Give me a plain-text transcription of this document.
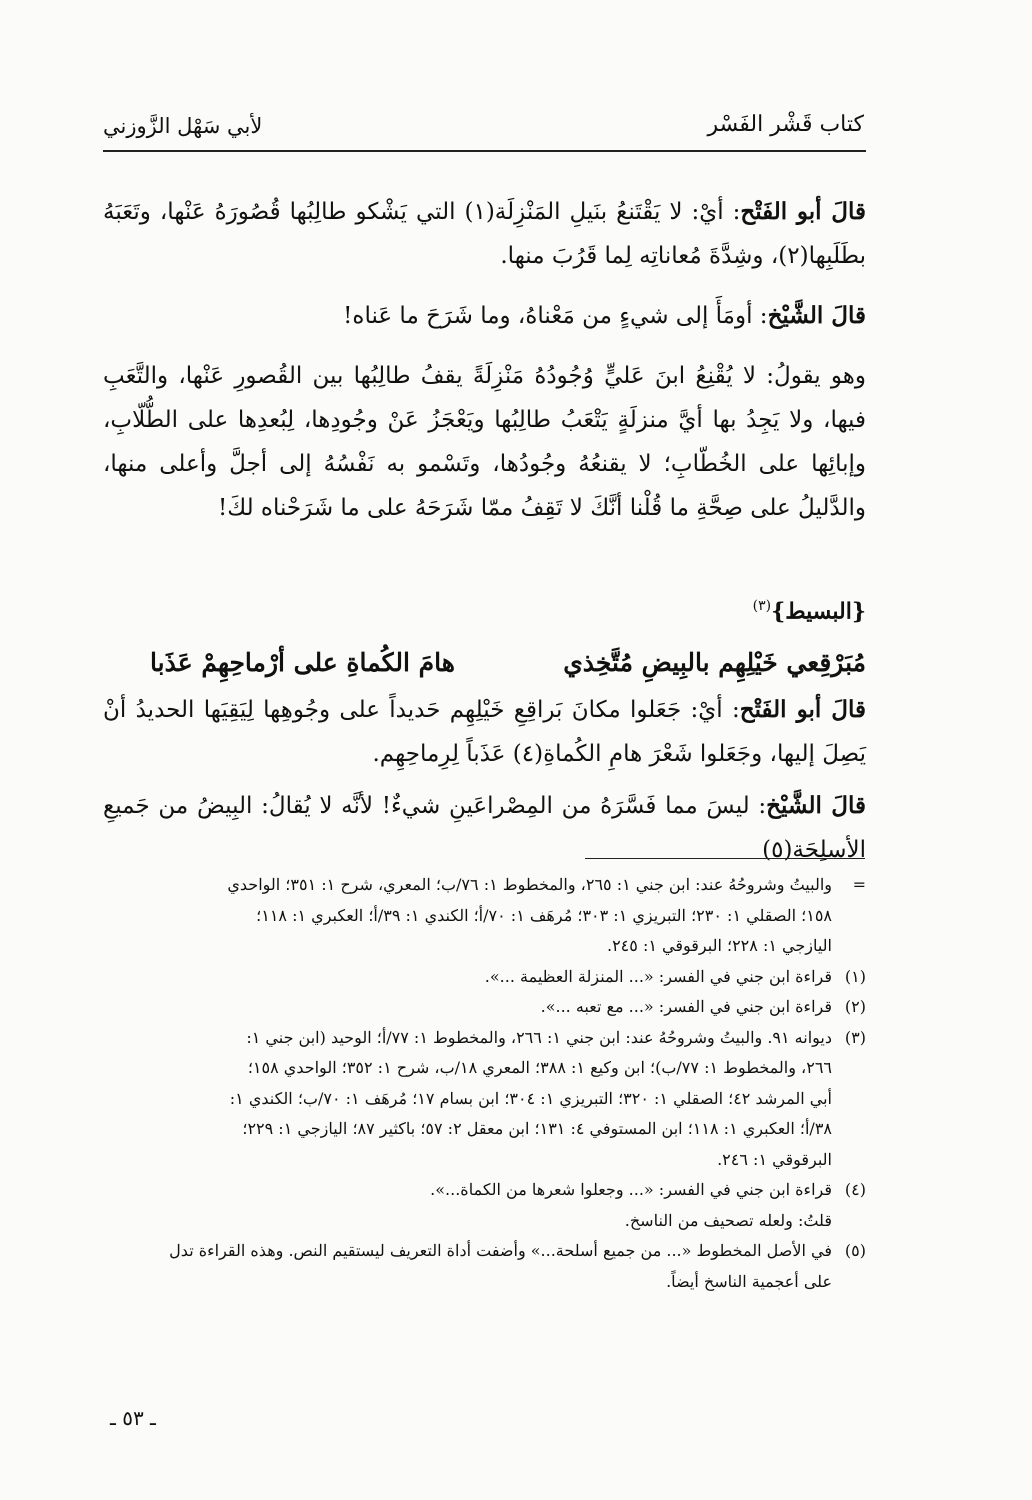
كتاب قَشْر الفَسْر
لأبي سَهْل الزَّوزني

قالَ أبو الفَتْح: أيْ: لا يَقْتَنعُ بنَيلِ المَنْزِلَة(١) التي يَشْكو طالِبُها قُصُورَهُ عَنْها، وتَعَبَهُ بطَلَبِها(٢)، وشِدَّةَ مُعاناتِه لِما قَرُبَ منها.

قالَ الشَّيْخ: أومَأَ إلى شيءٍ من مَعْناهُ، وما شَرَحَ ما عَناه!

وهو يقولُ: لا يُقْنِعُ ابنَ عَليٍّ وُجُودُهُ مَنْزِلَةً يقفُ طالِبُها بين القُصورِ عَنْها، والتَّعَبِ فيها، ولا يَجِدُ بها أيَّ منزلَةٍ يَتْعَبُ طالِبُها ويَعْجَزُ عَنْ وجُودِها، لِبُعدِها على الطُّلّابِ، وإبائِها على الخُطّابِ؛ لا يقنعُهُ وجُودُها، وتَسْمو به نَفْسُهُ إلى أجلَّ وأعلى منها، والدَّليلُ على صِحَّةِ ما قُلْنا أنَّكَ لا تَقِفُ ممّا شَرَحَهُ على ما شَرَحْناه لكَ!

{البسيط}$^{(٣)}$
مُبَرْقِعي خَيْلِهِم بالبِيضِ مُتَّخِذي
هامَ الكُماةِ على أرْماحِهِمْ عَذَبا

قالَ أبو الفَتْح: أيْ: جَعَلوا مكانَ بَراقِعِ خَيْلِهِم حَديداً على وجُوهِها لِيَقِيَها الحديدُ أنْ يَصِلَ إليها، وجَعَلوا شَعْرَ هامِ الكُماةِ(٤) عَذَباً لِرِماحِهِم.

قالَ الشَّيْخ: ليسَ مما فَسَّرَهُ من المِصْراعَينِ شيءٌ! لأنَّه لا يُقالُ: البِيضُ من جَميعِ الأسلِحَة(٥)

=
والبيتُ وشروحُهُ عند: ابن جني ١: ٢٦٥، والمخطوط ١: ٧٦/ب؛ المعري، شرح ١: ٣٥١؛ الواحدي
١٥٨؛ الصقلي ١: ٢٣٠؛ التبريزي ١: ٣٠٣؛ مُرهَف ١: ٧٠/أ؛ الكندي ١: ٣٩/أ؛ العكبري ١: ١١٨؛
اليازجي ١: ٢٢٨؛ البرقوقي ١: ٢٤٥.
(١)
قراءة ابن جني في الفسر: «... المنزلة العظيمة ...».
(٢)
قراءة ابن جني في الفسر: «... مع تعبه ...».
(٣)
ديوانه ٩١. والبيتُ وشروحُهُ عند: ابن جني ١: ٢٦٦، والمخطوط ١: ٧٧/أ؛ الوحيد (ابن جني ١:
٢٦٦، والمخطوط ١: ٧٧/ب)؛ ابن وكيع ١: ٣٨٨؛ المعري ١٨/ب، شرح ١: ٣٥٢؛ الواحدي ١٥٨؛
أبي المرشد ٤٢؛ الصقلي ١: ٣٢٠؛ التبريزي ١: ٣٠٤؛ ابن بسام ١٧؛ مُرهَف ١: ٧٠/ب؛ الكندي ١:
٣٨/أ؛ العكبري ١: ١١٨؛ ابن المستوفي ٤: ١٣١؛ ابن معقل ٢: ٥٧؛ باكثير ٨٧؛ اليازجي ١: ٢٢٩؛
البرقوقي ١: ٢٤٦.
(٤)
قراءة ابن جني في الفسر: «... وجعلوا شعرها من الكماة...».
قلتُ: ولعله تصحيف من الناسخ.
(٥)
في الأصل المخطوط «... من جميع أسلحة...» وأضفت أداة التعريف ليستقيم النص. وهذه القراءة تدل
على أعجمية الناسخ أيضاً.
ـ ٥٣ ـ
